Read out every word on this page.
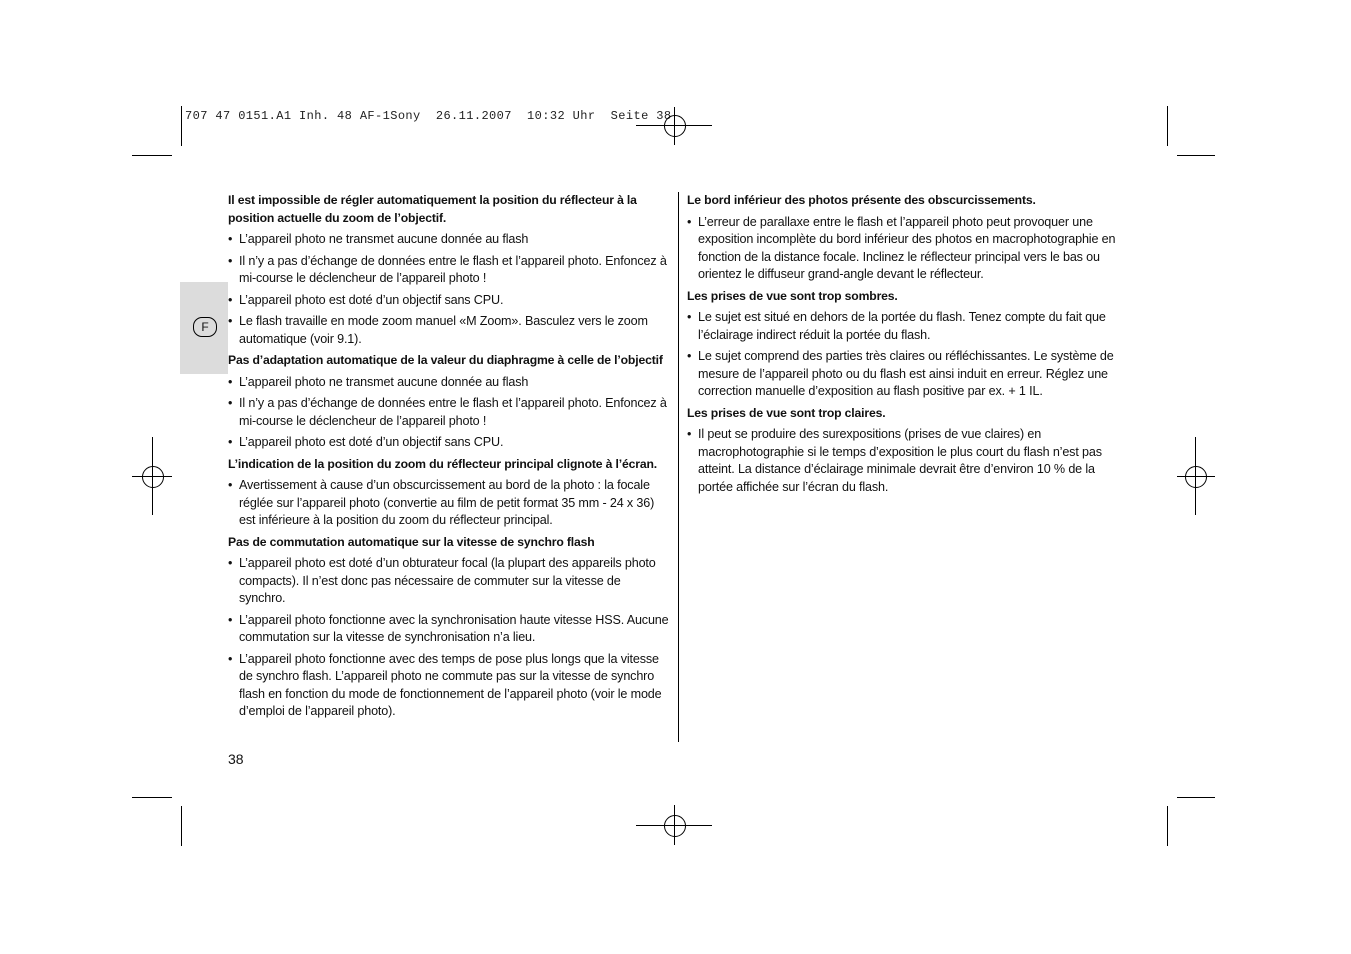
707 47 0151.A1 Inh. 48 AF-1Sony  26.11.2007  10:32 Uhr  Seite 38
F
Il est impossible de régler automatiquement la position du réflecteur à la position actuelle du zoom de l’objectif.
• L’appareil photo ne transmet aucune donnée au flash
• Il n’y a pas d’échange de données entre le flash et l’appareil photo. Enfoncez à mi-course le déclencheur de l’appareil photo !
• L’appareil photo est doté d’un objectif sans CPU.
• Le flash travaille en mode zoom manuel «M Zoom». Basculez vers le zoom automatique (voir 9.1).
Pas d’adaptation automatique de la valeur du diaphragme à celle de l’objectif
• L’appareil photo ne transmet aucune donnée au flash
• Il n’y a pas d’échange de données entre le flash et l’appareil photo. Enfoncez à mi-course le déclencheur de l’appareil photo !
• L’appareil photo est doté d’un objectif sans CPU.
L’indication de la position du zoom du réflecteur principal clignote à l’écran.
• Avertissement à cause d’un obscurcissement au bord de la photo : la focale réglée sur l’appareil photo (convertie au film de petit format 35 mm - 24 x 36) est inférieure à la position du zoom du réflecteur principal.
Pas de commutation automatique sur la vitesse de synchro flash
• L’appareil photo est doté d’un obturateur focal (la plupart des appareils photo compacts). Il n’est donc pas nécessaire de commuter sur la vitesse de synchro.
• L’appareil photo fonctionne avec la synchronisation haute vitesse HSS. Aucune commutation sur la vitesse de synchronisation n’a lieu.
• L’appareil photo fonctionne avec des temps de pose plus longs que la vitesse de synchro flash. L’appareil photo ne commute pas sur la vitesse de synchro flash en fonction du mode de fonctionnement de l’appareil photo (voir le mode d’emploi de l’appareil photo).
Le bord inférieur des photos présente des obscurcissements.
• L’erreur de parallaxe entre le flash et l’appareil photo peut provoquer une exposition incomplète du bord inférieur des photos en macrophotographie en fonction de la distance focale. Inclinez le réflecteur principal vers le bas ou orientez le diffuseur grand-angle devant le réflecteur.
Les prises de vue sont trop sombres.
• Le sujet est situé en dehors de la portée du flash. Tenez compte du fait que l’éclairage indirect réduit la portée du flash.
• Le sujet comprend des parties très claires ou réfléchissantes. Le système de mesure de l’appareil photo ou du flash est ainsi induit en erreur. Réglez une correction manuelle d’exposition au flash positive par ex. + 1 IL.
Les prises de vue sont trop claires.
• Il peut se produire des surexpositions (prises de vue claires) en macrophotographie si le temps d’exposition le plus court du flash n’est pas atteint. La distance d’éclairage minimale devrait être d’environ 10 % de la portée affichée sur l’écran du flash.
38
